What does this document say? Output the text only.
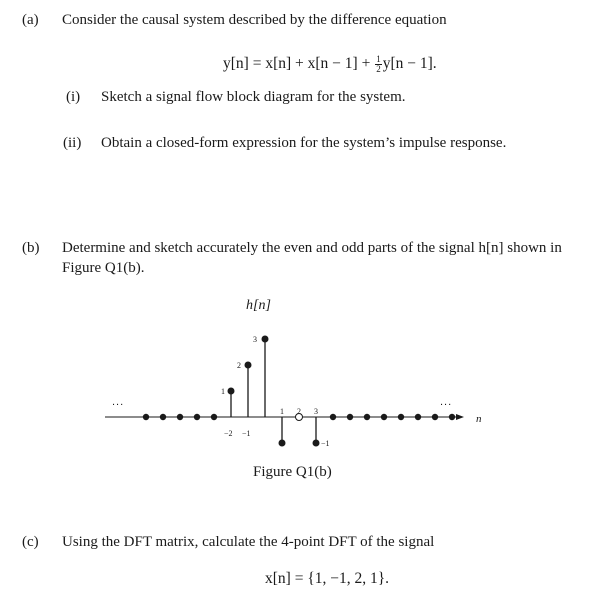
(a) Consider the causal system described by the difference equation
$y[n] = x[n] + x[n - 1] + \frac{1}{2} y[n - 1]$.
(i) Sketch a signal flow block diagram for the system.
(ii) Obtain a closed-form expression for the system’s impulse response.
(b) Determine and sketch accurately the even and odd parts of the signal h[n] shown in
Figure Q1(b).
h[n]
n
...	...
1
2
3
−1
−2 −1
1 2 3
Figure Q1(b)
(c) Using the DFT matrix, calculate the 4-point DFT of the signal
x[n] = {1, −1, 2, 1}.
